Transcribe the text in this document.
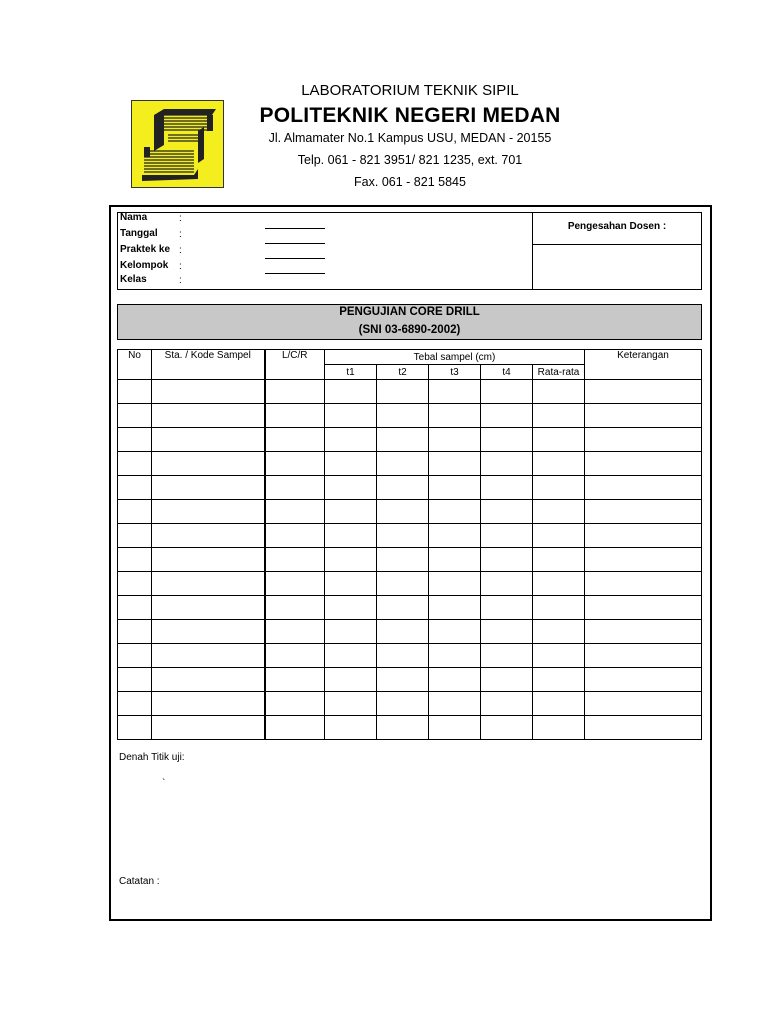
LABORATORIUM TEKNIK SIPIL
POLITEKNIK NEGERI MEDAN
Jl. Almamater No.1 Kampus USU, MEDAN - 20155
Telp. 061 - 821 3951/ 821 1235, ext. 701
Fax. 061 - 821 5845
Nama	:
Tanggal :
Praktek ke :
Kelompok :
Kelas	:
Pengesahan Dosen :
PENGUJIAN CORE DRILL
(SNI 03-6890-2002)
No	Sta. / Kode Sampel	L/C/R	Tebal sampel (cm)					Keterangan
			t1	t2	t3	t4	Rata-rata	

Denah Titik uji:
`
Catatan :
